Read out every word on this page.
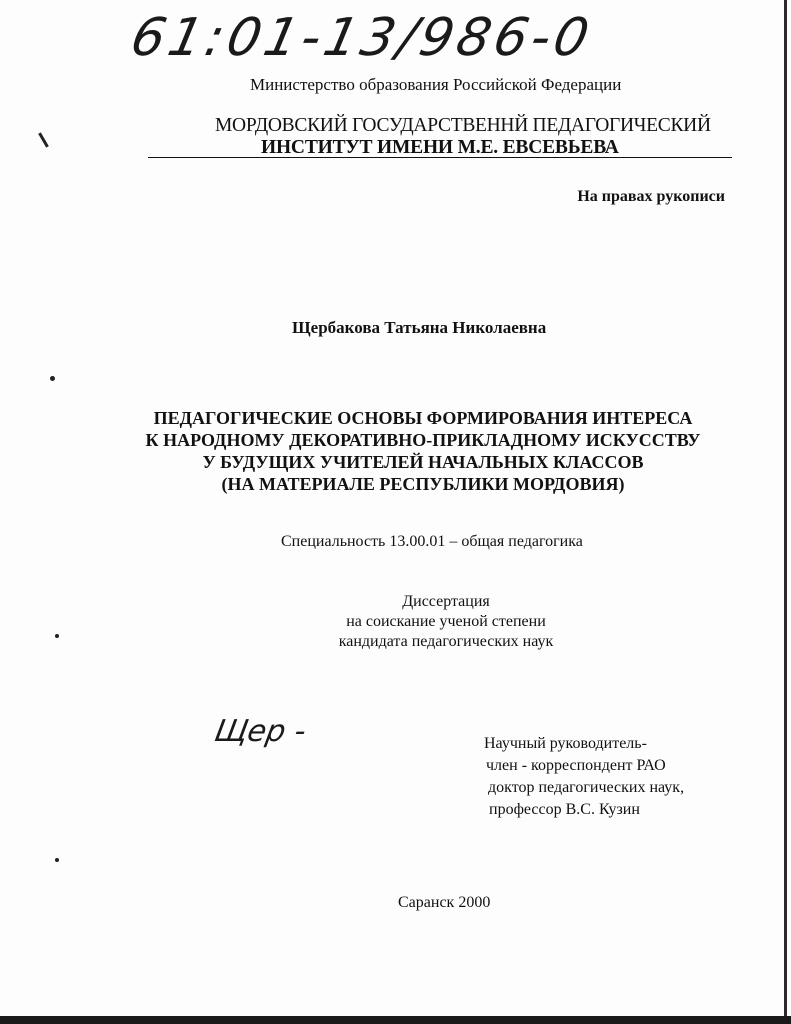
61:01-13/986-0
Министерство образования Российской Федерации
МОРДОВСКИЙ ГОСУДАРСТВЕННЙ ПЕДАГОГИЧЕСКИЙ
ИНСТИТУТ ИМЕНИ М.Е. ЕВСЕВЬЕВА
На правах рукописи
Щербакова Татьяна Николаевна
ПЕДАГОГИЧЕСКИЕ ОСНОВЫ ФОРМИРОВАНИЯ ИНТЕРЕСА
К НАРОДНОМУ ДЕКОРАТИВНО-ПРИКЛАДНОМУ ИСКУССТВУ
У БУДУЩИХ УЧИТЕЛЕЙ НАЧАЛЬНЫХ КЛАССОВ
(НА МАТЕРИАЛЕ РЕСПУБЛИКИ МОРДОВИЯ)
Специальность 13.00.01 – общая педагогика
Диссертация
на соискание ученой степени
кандидата педагогических наук
Щер -	Научный руководитель-
член - корреспондент РАО
доктор педагогических наук,
профессор В.С. Кузин
Саранск 2000
